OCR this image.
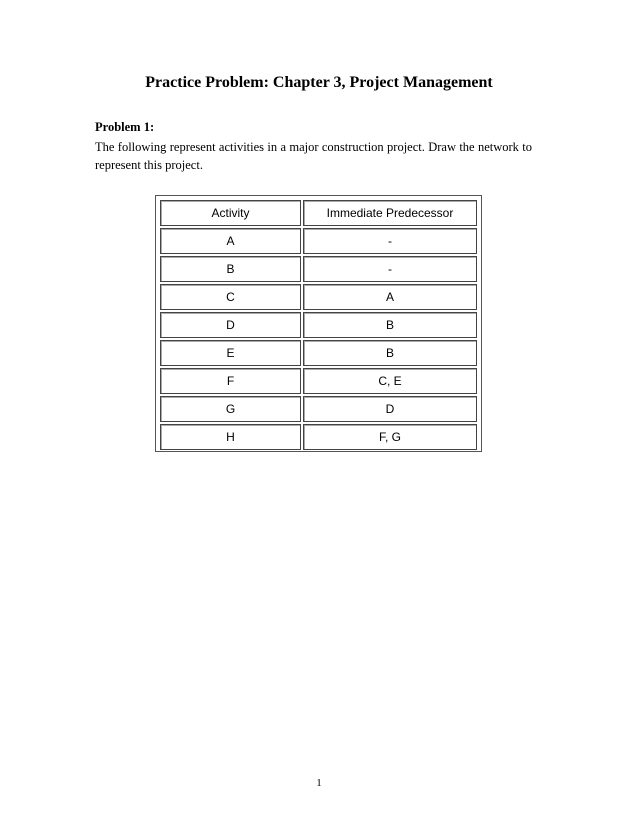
Practice Problem: Chapter 3, Project Management
Problem 1:
The following represent activities in a major construction project. Draw the network to represent this project.
Activity	Immediate Predecessor
A	-
B	-
C	A
D	B
E	B
F	C, E
G	D
H	F, G
1
